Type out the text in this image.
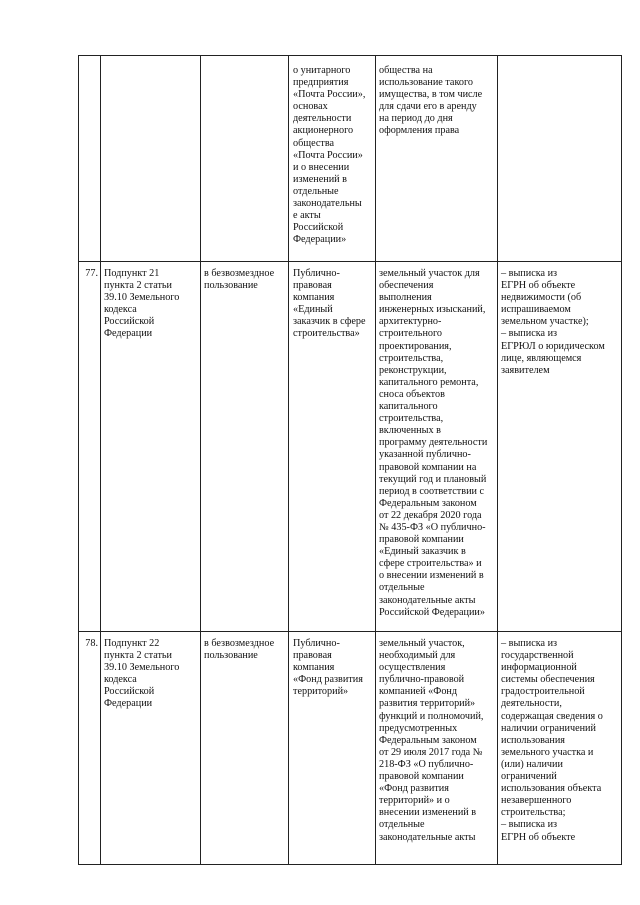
о унитарного
предприятия
«Почта России»,
основах
деятельности
акционерного
общества
«Почта России»
и о внесении
изменений в
отдельные
законодательны
е акты
Российской
Федерации»
общества на
использование такого
имущества, в том числе
для сдачи его в аренду
на период до дня
оформления права
77. Подпункт 21
пункта 2 статьи
39.10 Земельного
кодекса
Российской
Федерации
в безвозмездное
пользование
Публично-
правовая
компания
«Единый
заказчик в сфере
строительства»
земельный участок для
обеспечения
выполнения
инженерных изысканий,
архитектурно-
строительного
проектирования,
строительства,
реконструкции,
капитального ремонта,
сноса объектов
капитального
строительства,
включенных в
программу деятельности
указанной публично-
правовой компании на
текущий год и плановый
период в соответствии с
Федеральным законом
от 22 декабря 2020 года
№ 435-ФЗ «О публично-
правовой компании
«Единый заказчик в
сфере строительства» и
о внесении изменений в
отдельные
законодательные акты
Российской Федерации»
– выписка из
ЕГРН об объекте
недвижимости (об
испрашиваемом
земельном участке);
– выписка из
ЕГРЮЛ о юридическом
лице, являющемся
заявителем
78. Подпункт 22
пункта 2 статьи
39.10 Земельного
кодекса
Российской
Федерации
в безвозмездное
пользование
Публично-
правовая
компания
«Фонд развития
территорий»
земельный участок,
необходимый для
осуществления
публично-правовой
компанией «Фонд
развития территорий»
функций и полномочий,
предусмотренных
Федеральным законом
от 29 июля 2017 года №
218-ФЗ «О публично-
правовой компании
«Фонд развития
территорий» и о
внесении изменений в
отдельные
законодательные акты
– выписка из
государственной
информационной
системы обеспечения
градостроительной
деятельности,
содержащая сведения о
наличии ограничений
использования
земельного участка и
(или) наличии
ограничений
использования объекта
незавершенного
строительства;
– выписка из
ЕГРН об объекте
